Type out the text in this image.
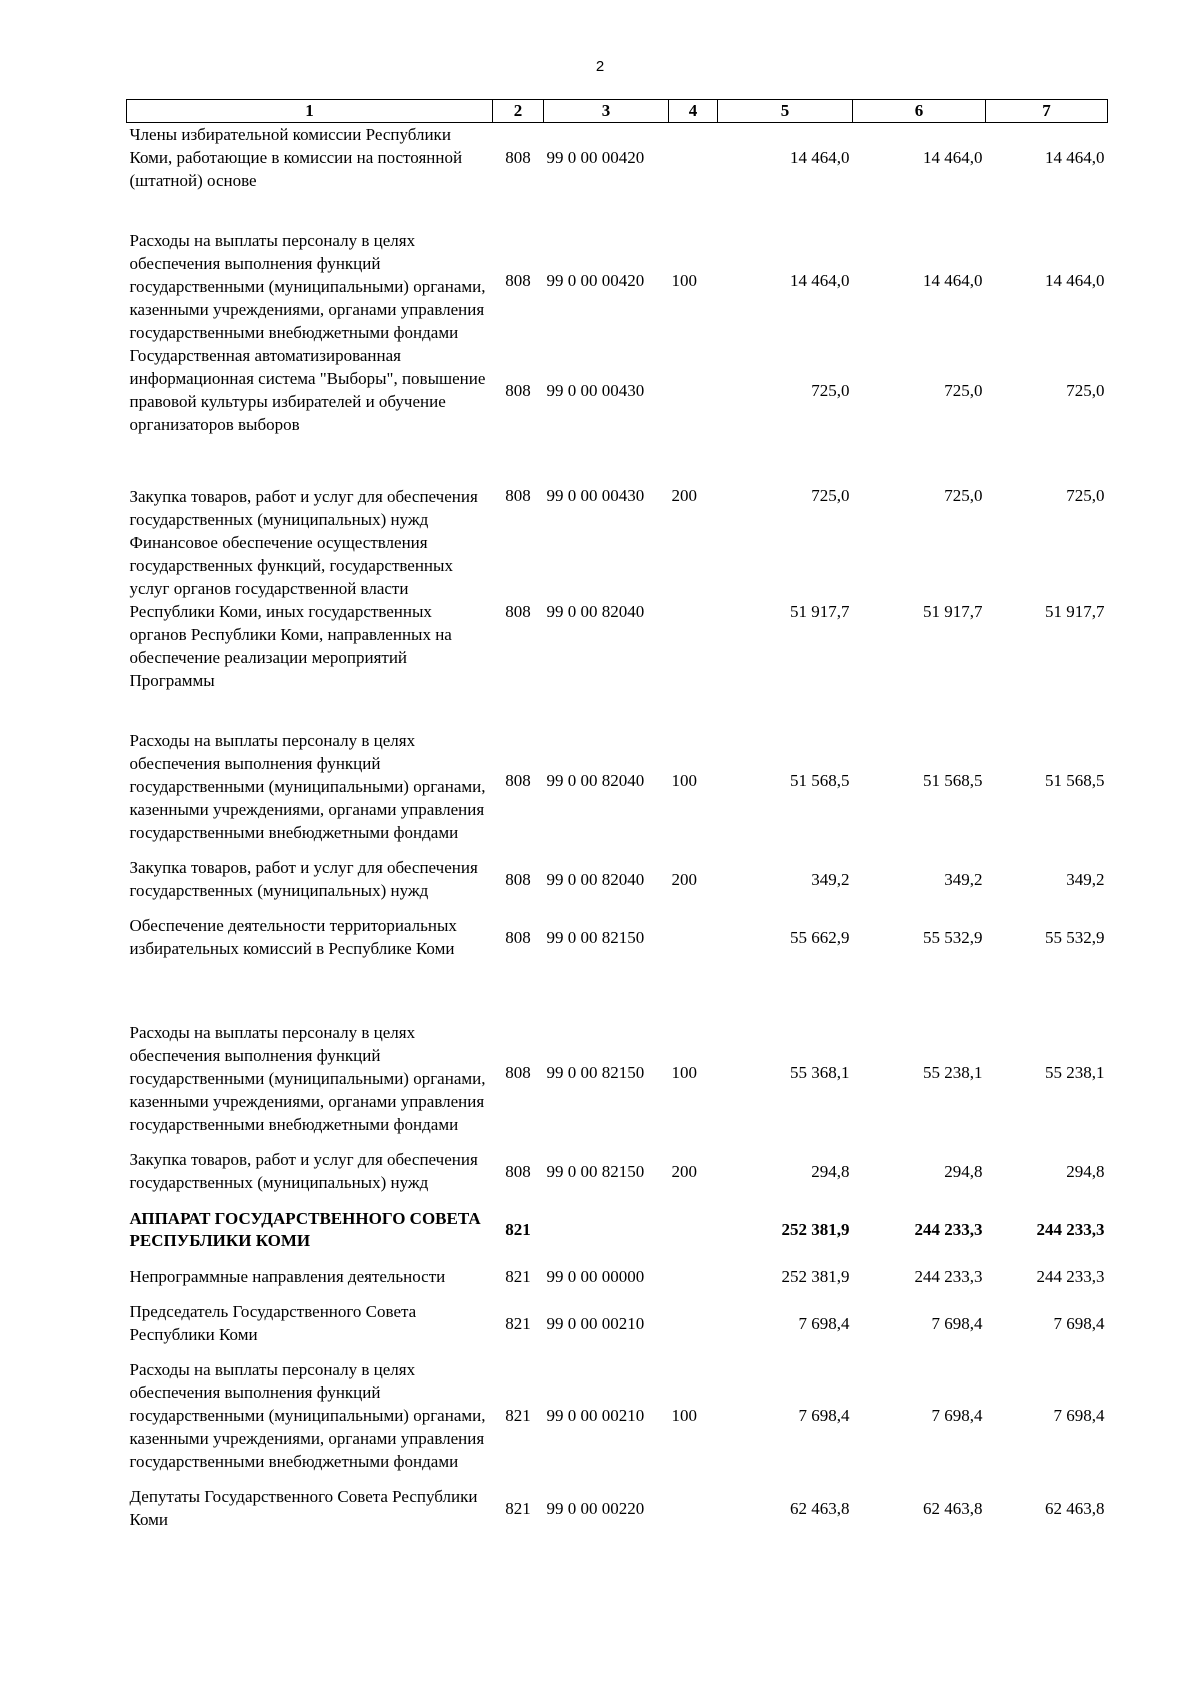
2
1	2	3	4	5	6	7
Члены избирательной комиссии Республики Коми, работающие в комиссии на постоянной (штатной) основе	808	99 0 00 00420		14 464,0	14 464,0	14 464,0
Расходы на выплаты персоналу в целях обеспечения выполнения функций государственными (муниципальными) органами, казенными учреждениями, органами управления государственными внебюджетными фондами	808	99 0 00 00420	100	14 464,0	14 464,0	14 464,0
Государственная автоматизированная информационная система "Выборы", повышение правовой культуры избирателей и обучение организаторов выборов	808	99 0 00 00430		725,0	725,0	725,0
Закупка товаров, работ и услуг для обеспечения государственных (муниципальных) нужд	808	99 0 00 00430	200	725,0	725,0	725,0
Финансовое обеспечение осуществления государственных функций, государственных услуг органов государственной власти Республики Коми, иных государственных органов Республики Коми, направленных на обеспечение реализации мероприятий Программы	808	99 0 00 82040		51 917,7	51 917,7	51 917,7
Расходы на выплаты персоналу в целях обеспечения выполнения функций государственными (муниципальными) органами, казенными учреждениями, органами управления государственными внебюджетными фондами	808	99 0 00 82040	100	51 568,5	51 568,5	51 568,5
Закупка товаров, работ и услуг для обеспечения государственных (муниципальных) нужд	808	99 0 00 82040	200	349,2	349,2	349,2
Обеспечение деятельности территориальных избирательных комиссий в Республике Коми	808	99 0 00 82150		55 662,9	55 532,9	55 532,9
Расходы на выплаты персоналу в целях обеспечения выполнения функций государственными (муниципальными) органами, казенными учреждениями, органами управления государственными внебюджетными фондами	808	99 0 00 82150	100	55 368,1	55 238,1	55 238,1
Закупка товаров, работ и услуг для обеспечения государственных (муниципальных) нужд	808	99 0 00 82150	200	294,8	294,8	294,8
АППАРАТ ГОСУДАРСТВЕННОГО СОВЕТА РЕСПУБЛИКИ КОМИ	821			252 381,9	244 233,3	244 233,3
Непрограммные направления деятельности	821	99 0 00 00000		252 381,9	244 233,3	244 233,3
Председатель Государственного Совета Республики Коми	821	99 0 00 00210		7 698,4	7 698,4	7 698,4
Расходы на выплаты персоналу в целях обеспечения выполнения функций государственными (муниципальными) органами, казенными учреждениями, органами управления государственными внебюджетными фондами	821	99 0 00 00210	100	7 698,4	7 698,4	7 698,4
Депутаты Государственного Совета Республики Коми	821	99 0 00 00220		62 463,8	62 463,8	62 463,8
